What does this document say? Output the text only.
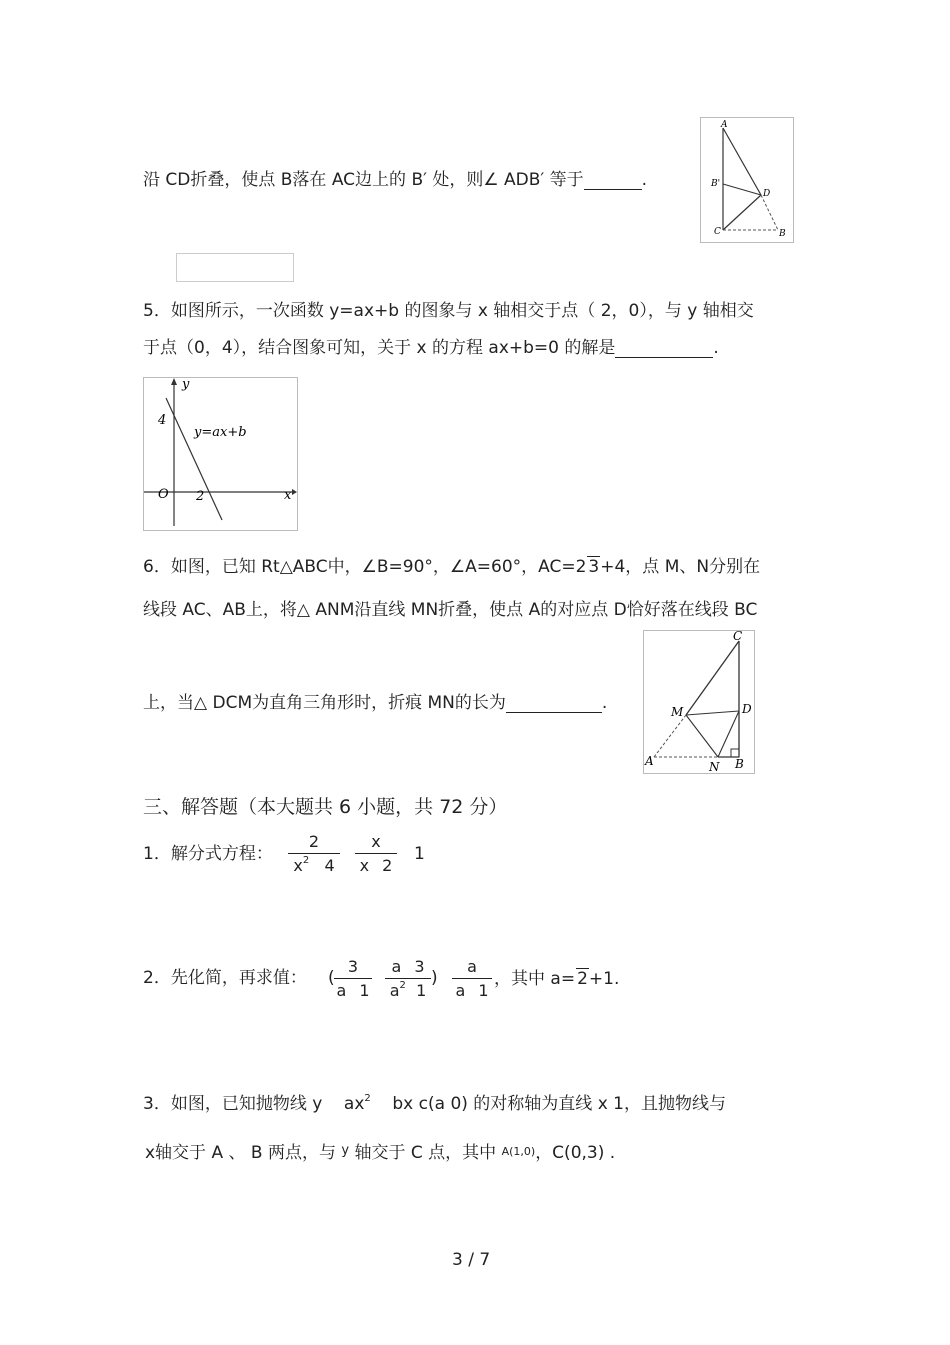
沿 CD折叠，使点 B落在 AC边上的 B′ 处，则∠ ADB′ 等于	.
A
B'
D
C	B
5．如图所示，一次函数 y=ax+b 的图象与 x 轴相交于点（ 2，0），与 y 轴相交
于点（0，4），结合图象可知，关于 x 的方程 ax+b=0 的解是	.
y
4
y=ax+b
O 2	x
6．如图，已知 Rt△ABC中，∠B=90°，∠A=60°，AC=2 3+4，点 M、N分别在
线段 AC、AB上，将△ ANM沿直线 MN折叠，使点 A的对应点 D恰好落在线段 BC
上，当△ DCM为直角三角形时，折痕 MN的长为	.
C
M	D
A	N B
三、解答题（本大题共 6 小题，共 72 分）
1．解分式方程： $\frac{2}{x^2 4} \frac{x}{x 2} 1$
2．先化简，再求值： ( $\frac{3}{a 1} \frac{a 3}{a^2 1}$ ) $\frac{a}{a 1}$ ，其中 a= 2+1.
3．如图，已知抛物线 y $ax^2$ bx c(a 0) 的对称轴为直线 x 1，且抛物线与
x轴交于 A 、 B 两点，与 $^y$ 轴交于 C 点，其中 A(1,0)，C(0,3) .
3 / 7
